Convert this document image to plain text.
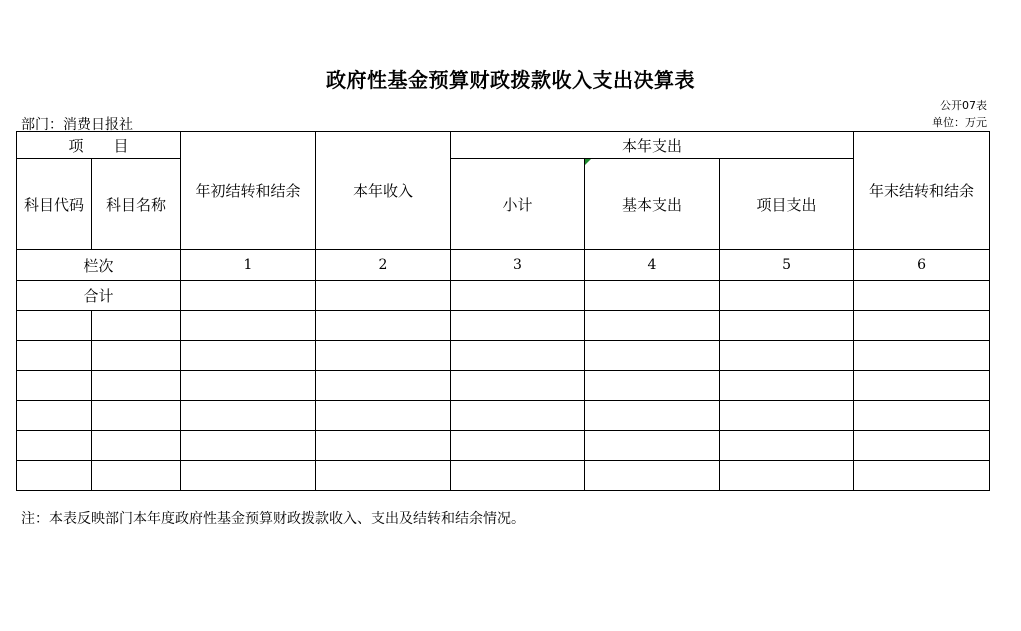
政府性基金预算财政拨款收入支出决算表
公开07表
单位：万元
部门：消费日报社
项　　目		年初结转和结余	本年收入	本年支出			年末结转和结余
科目代码	科目名称			小计	基本支出	项目支出	
栏次		1	2	3	4	5	6
合计							

注：本表反映部门本年度政府性基金预算财政拨款收入、支出及结转和结余情况。
